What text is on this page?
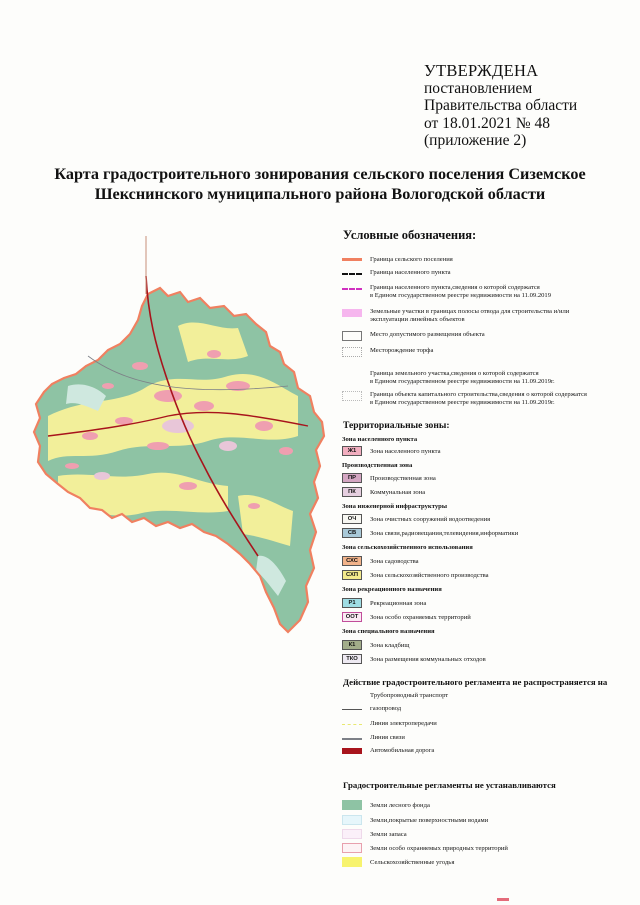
УТВЕРЖДЕНА
постановлением
Правительства области
от 18.01.2021 № 48
(приложение 2)
Карта градостроительного зонирования сельского поселения Сиземское
Шекснинского муниципального района Вологодской области
Условные обозначения:
Граница сельского поселения
Граница населенного пункта
Граница населенного пункта,сведения о которой содержатся
в Едином государственном реестре недвижимости на 11.09.2019
Земельные участки в границах полосы отвода для строительства и/или
эксплуатации линейных объектов
Место допустимого размещения объекта
Месторождение торфа
Граница земельного участка,сведения о которой содержатся
в Едином государственном реестре недвижимости на 11.09.2019г.
Граница объекта капитального строительства,сведения о которой содержатся
в Едином государственном реестре недвижимости на 11.09.2019г.
Территориальные зоны:
Зона населенного пункта
Ж1	Зона населенного пункта
Производственная зона
ПР	Производственная зона
ПК	Коммунальная зона
Зона инженерной инфраструктуры
ОЧ	Зона очистных сооружений водоотведения
СВ	Зона связи,радиовещания,телевидения,информатики
Зона сельскохозяйственного использования
СХС	Зона садоводства
СХП	Зона сельскохозяйственного производства
Зона рекреационного назначения
Р1	Рекреационная зона
ООТ	Зона особо охраняемых территорий
Зона специального назначения
К1	Зона кладбищ
ТКО	Зона размещения коммунальных отходов
Действие градостроительного регламента не распространяется на
Трубопроводный транспорт
газопровод
Линия электропередачи
Линия связи
Автомобильная дорога
Градостроительные регламенты не устанавливаются
Земли лесного фонда
Земли,покрытые поверхностными водами
Земли запаса
Земли особо охраняемых природных территорий
Сельскохозяйственные угодья
